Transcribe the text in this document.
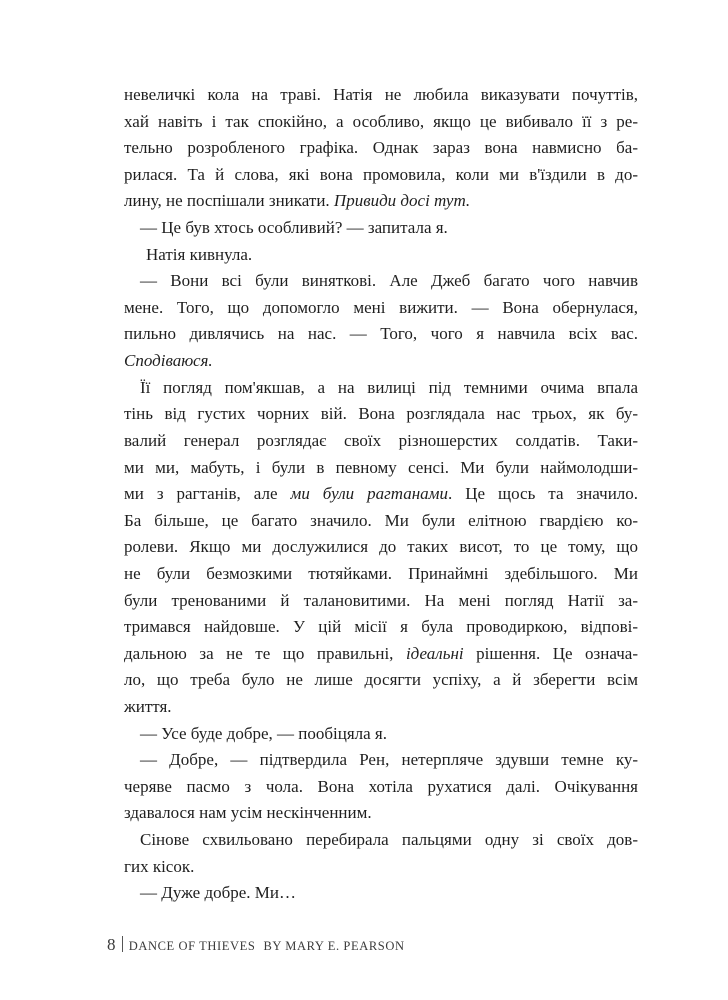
невеличкі кола на траві. Натія не любила виказувати почуттів,
хай навіть і так спокійно, а особливо, якщо це вибивало її з ре-
тельно розробленого графіка. Однак зараз вона навмисно ба-
рилася. Та й слова, які вона промовила, коли ми в'їздили в до-
лину, не поспішали зникати. Привиди досі тут.
— Це був хтось особливий? — запитала я.
Натія кивнула.
— Вони всі були виняткові. Але Джеб багато чого навчив
мене. Того, що допомогло мені вижити. — Вона обернулася,
пильно дивлячись на нас. — Того, чого я навчила всіх вас.
Сподіваюся.
Її погляд пом'якшав, а на вилиці під темними очима впала
тінь від густих чорних вій. Вона розглядала нас трьох, як бу-
валий генерал розглядає своїх різношерстих солдатів. Таки-
ми ми, мабуть, і були в певному сенсі. Ми були наймолодши-
ми з рагтанів, але ми були рагтанами. Це щось та значило.
Ба більше, це багато значило. Ми були елітною гвардією ко-
ролеви. Якщо ми дослужилися до таких висот, то це тому, що
не були безмозкими тютяйками. Принаймні здебільшого. Ми
були тренованими й талановитими. На мені погляд Натії за-
тримався найдовше. У цій місії я була проводиркою, відпові-
дальною за не те що правильні, ідеальні рішення. Це означа-
ло, що треба було не лише досягти успіху, а й зберегти всім
життя.
— Усе буде добре, — пообіцяла я.
— Добре, — підтвердила Рен, нетерпляче здувши темне ку-
черяве пасмо з чола. Вона хотіла рухатися далі. Очікування
здавалося нам усім нескінченним.
Сінове схвильовано перебирала пальцями одну зі своїх дов-
гих кісок.
— Дуже добре. Ми…
8 DANCE OF THIEVES BY MARY E. PEARSON
